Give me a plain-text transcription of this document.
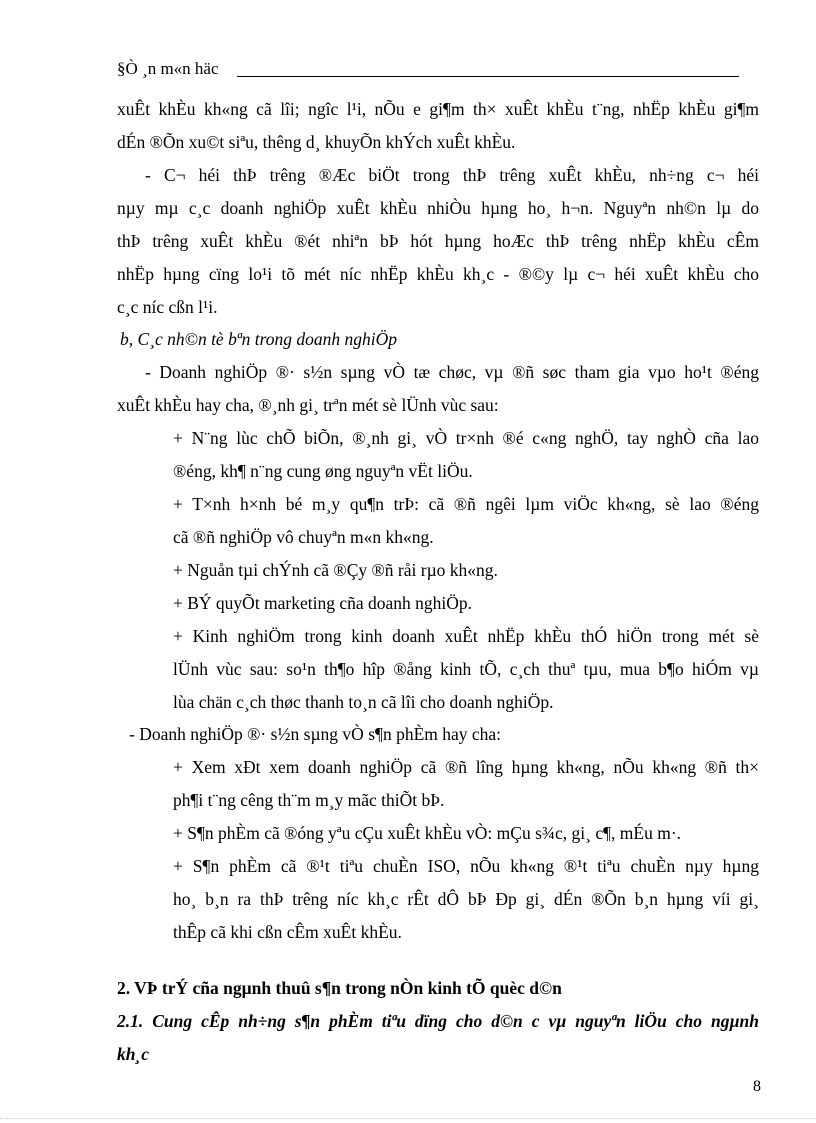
§Ò ¸n m«n häc
xuÊt khÈu kh«ng cã lîi; ngîc l¹i, nÕu e gi¶m th× xuÊt khÈu t¨ng, nhËp khÈu gi¶m
dÉn ®Õn xu©t siªu, thêng d¸ khuyÕn khÝch xuÊt khÈu.
- C¬ héi thÞ trêng ®Æc biÖt trong thÞ trêng xuÊt khÈu, nh÷ng c¬ héi
nµy mµ c¸c doanh nghiÖp xuÊt khÈu nhiÒu hµng ho¸ h¬n. Nguyªn nh©n lµ do
thÞ trêng xuÊt khÈu ®ét nhiªn bÞ hót hµng hoÆc thÞ trêng nhËp khÈu cÊm
nhËp hµng cïng lo¹i tõ mét níc nhËp khÈu kh¸c - ®©y lµ c¬ héi xuÊt khÈu cho
c¸c níc cßn l¹i.
b, C¸c nh©n tè bªn trong doanh nghiÖp
- Doanh nghiÖp ®· s½n sµng vÒ tæ chøc, vµ ®ñ søc tham gia vµo ho¹t ®éng
xuÊt khÈu hay cha, ®¸nh gi¸ trªn mét sè lÜnh vùc sau:
+ N¨ng lùc chÕ biÕn, ®¸nh gi¸ vÒ tr×nh ®é c«ng nghÖ, tay nghÒ cña lao
®éng, kh¶ n¨ng cung øng nguyªn vËt liÖu.
+ T×nh h×nh bé m¸y qu¶n trÞ: cã ®ñ ngêi lµm viÖc kh«ng, sè lao ®éng
cã ®ñ nghiÖp vô chuyªn m«n kh«ng.
+ Nguån tµi chÝnh cã ®Çy ®ñ råi rµo kh«ng.
+ BÝ quyÕt marketing cña doanh nghiÖp.
+ Kinh nghiÖm trong kinh doanh xuÊt nhËp khÈu thÓ hiÖn trong mét sè
lÜnh vùc sau: so¹n th¶o hîp ®ång kinh tÕ, c¸ch thuª tµu, mua b¶o hiÓm vµ
lùa chän c¸ch thøc thanh to¸n cã lîi cho doanh nghiÖp.
- Doanh nghiÖp ®· s½n sµng vÒ s¶n phÈm hay cha:
+ Xem xÐt xem doanh nghiÖp cã ®ñ lîng hµng kh«ng, nÕu kh«ng ®ñ th×
ph¶i t¨ng cêng th¨m m¸y mãc thiÕt bÞ.
+ S¶n phÈm cã ®óng yªu cÇu xuÊt khÈu vÒ: mÇu s¾c, gi¸ c¶, mÉu m·.
+ S¶n phÈm cã ®¹t tiªu chuÈn ISO, nÕu kh«ng ®¹t tiªu chuÈn nµy hµng
ho¸ b¸n ra thÞ trêng níc kh¸c rÊt dÔ bÞ Ðp gi¸ dÉn ®Õn b¸n hµng víi gi¸
thÊp cã khi cßn cÊm xuÊt khÈu.
2. VÞ trÝ cña ngµnh thuû s¶n trong nÒn kinh tÕ quèc d©n
2.1. Cung cÊp nh÷ng s¶n phÈm tiªu dïng cho d©n c vµ nguyªn liÖu cho ngµnh
kh¸c
8
